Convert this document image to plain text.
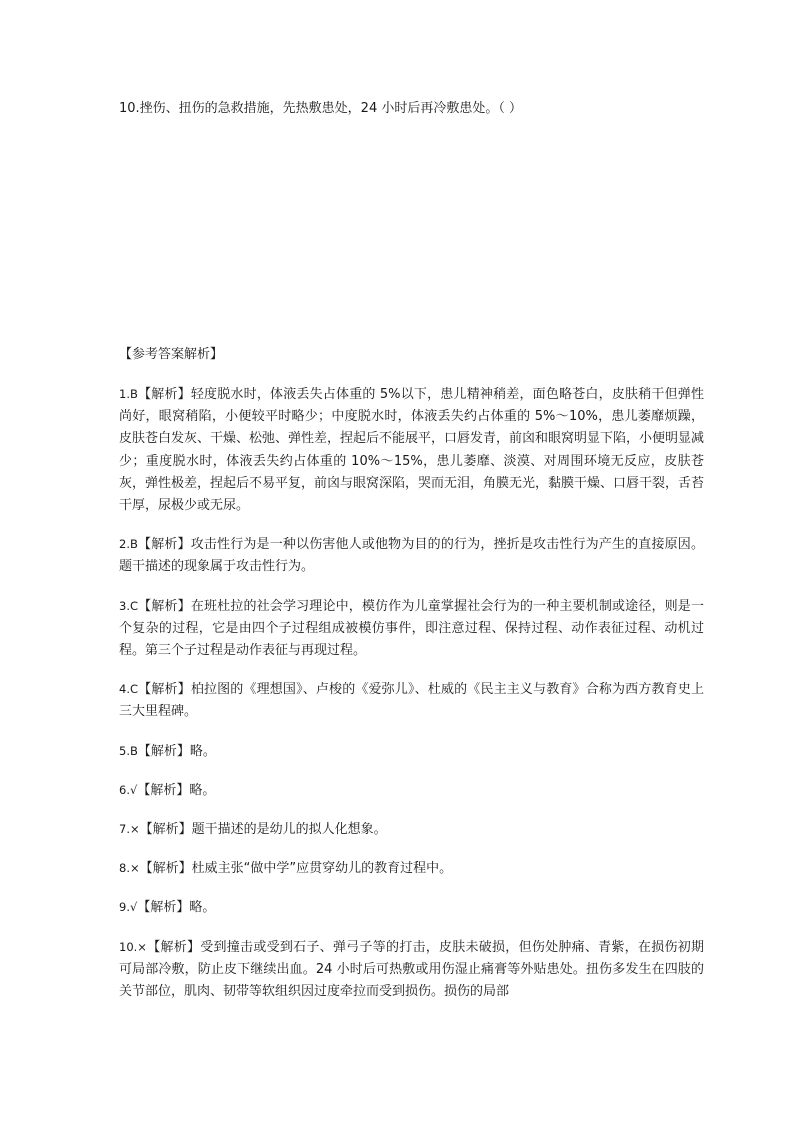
10.挫伤、扭伤的急救措施，先热敷患处，24 小时后再冷敷患处。（ ）
【参考答案解析】

1.B【解析】轻度脱水时，体液丢失占体重的 5%以下，患儿精神稍差，面色略苍白，皮肤稍干但弹性尚好，眼窝稍陷，小便较平时略少；中度脱水时，体液丢失约占体重的 5%～10%，患儿萎靡烦躁，皮肤苍白发灰、干燥、松弛、弹性差，捏起后不能展平，口唇发青，前囟和眼窝明显下陷，小便明显减少；重度脱水时，体液丢失约占体重的 10%～15%，患儿萎靡、淡漠、对周围环境无反应，皮肤苍灰，弹性极差，捏起后不易平复，前囟与眼窝深陷，哭而无泪，角膜无光，黏膜干燥、口唇干裂，舌苔干厚，尿极少或无尿。

2.B【解析】攻击性行为是一种以伤害他人或他物为目的的行为，挫折是攻击性行为产生的直接原因。题干描述的现象属于攻击性行为。

3.C【解析】在班杜拉的社会学习理论中，模仿作为儿童掌握社会行为的一种主要机制或途径，则是一个复杂的过程，它是由四个子过程组成被模仿事件，即注意过程、保持过程、动作表征过程、动机过程。第三个子过程是动作表征与再现过程。

4.C【解析】柏拉图的《理想国》、卢梭的《爱弥儿》、杜威的《民主主义与教育》合称为西方教育史上三大里程碑。

5.B【解析】略。

6.√【解析】略。

7.×【解析】题干描述的是幼儿的拟人化想象。

8.×【解析】杜威主张“做中学”应贯穿幼儿的教育过程中。

9.√【解析】略。

10.×【解析】受到撞击或受到石子、弹弓子等的打击，皮肤未破损，但伤处肿痛、青紫，在损伤初期可局部冷敷，防止皮下继续出血。24 小时后可热敷或用伤湿止痛膏等外贴患处。扭伤多发生在四肢的关节部位，肌肉、韧带等软组织因过度牵拉而受到损伤。损伤的局部
